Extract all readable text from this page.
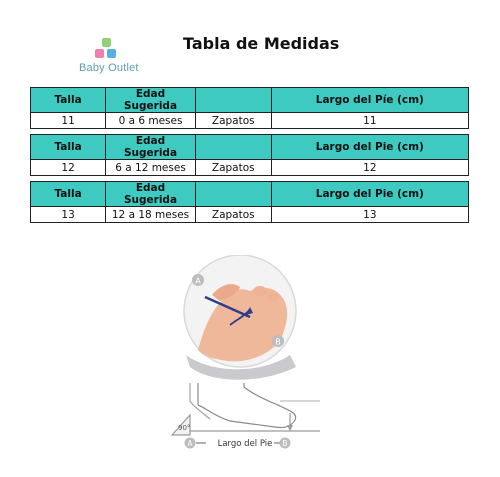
Baby Outlet
Tabla de Medidas
Talla	Edad Sugerida		Largo del Píe (cm)
11	0 a 6 meses	Zapatos	11
Talla	Edad Sugerida		Largo del Pie (cm)
12	6 a 12 meses	Zapatos	12
Talla	Edad Sugerida		Largo del Pie (cm)
13	12 a 18 meses	Zapatos	13
A
B
90°
A	Largo del Pie B
